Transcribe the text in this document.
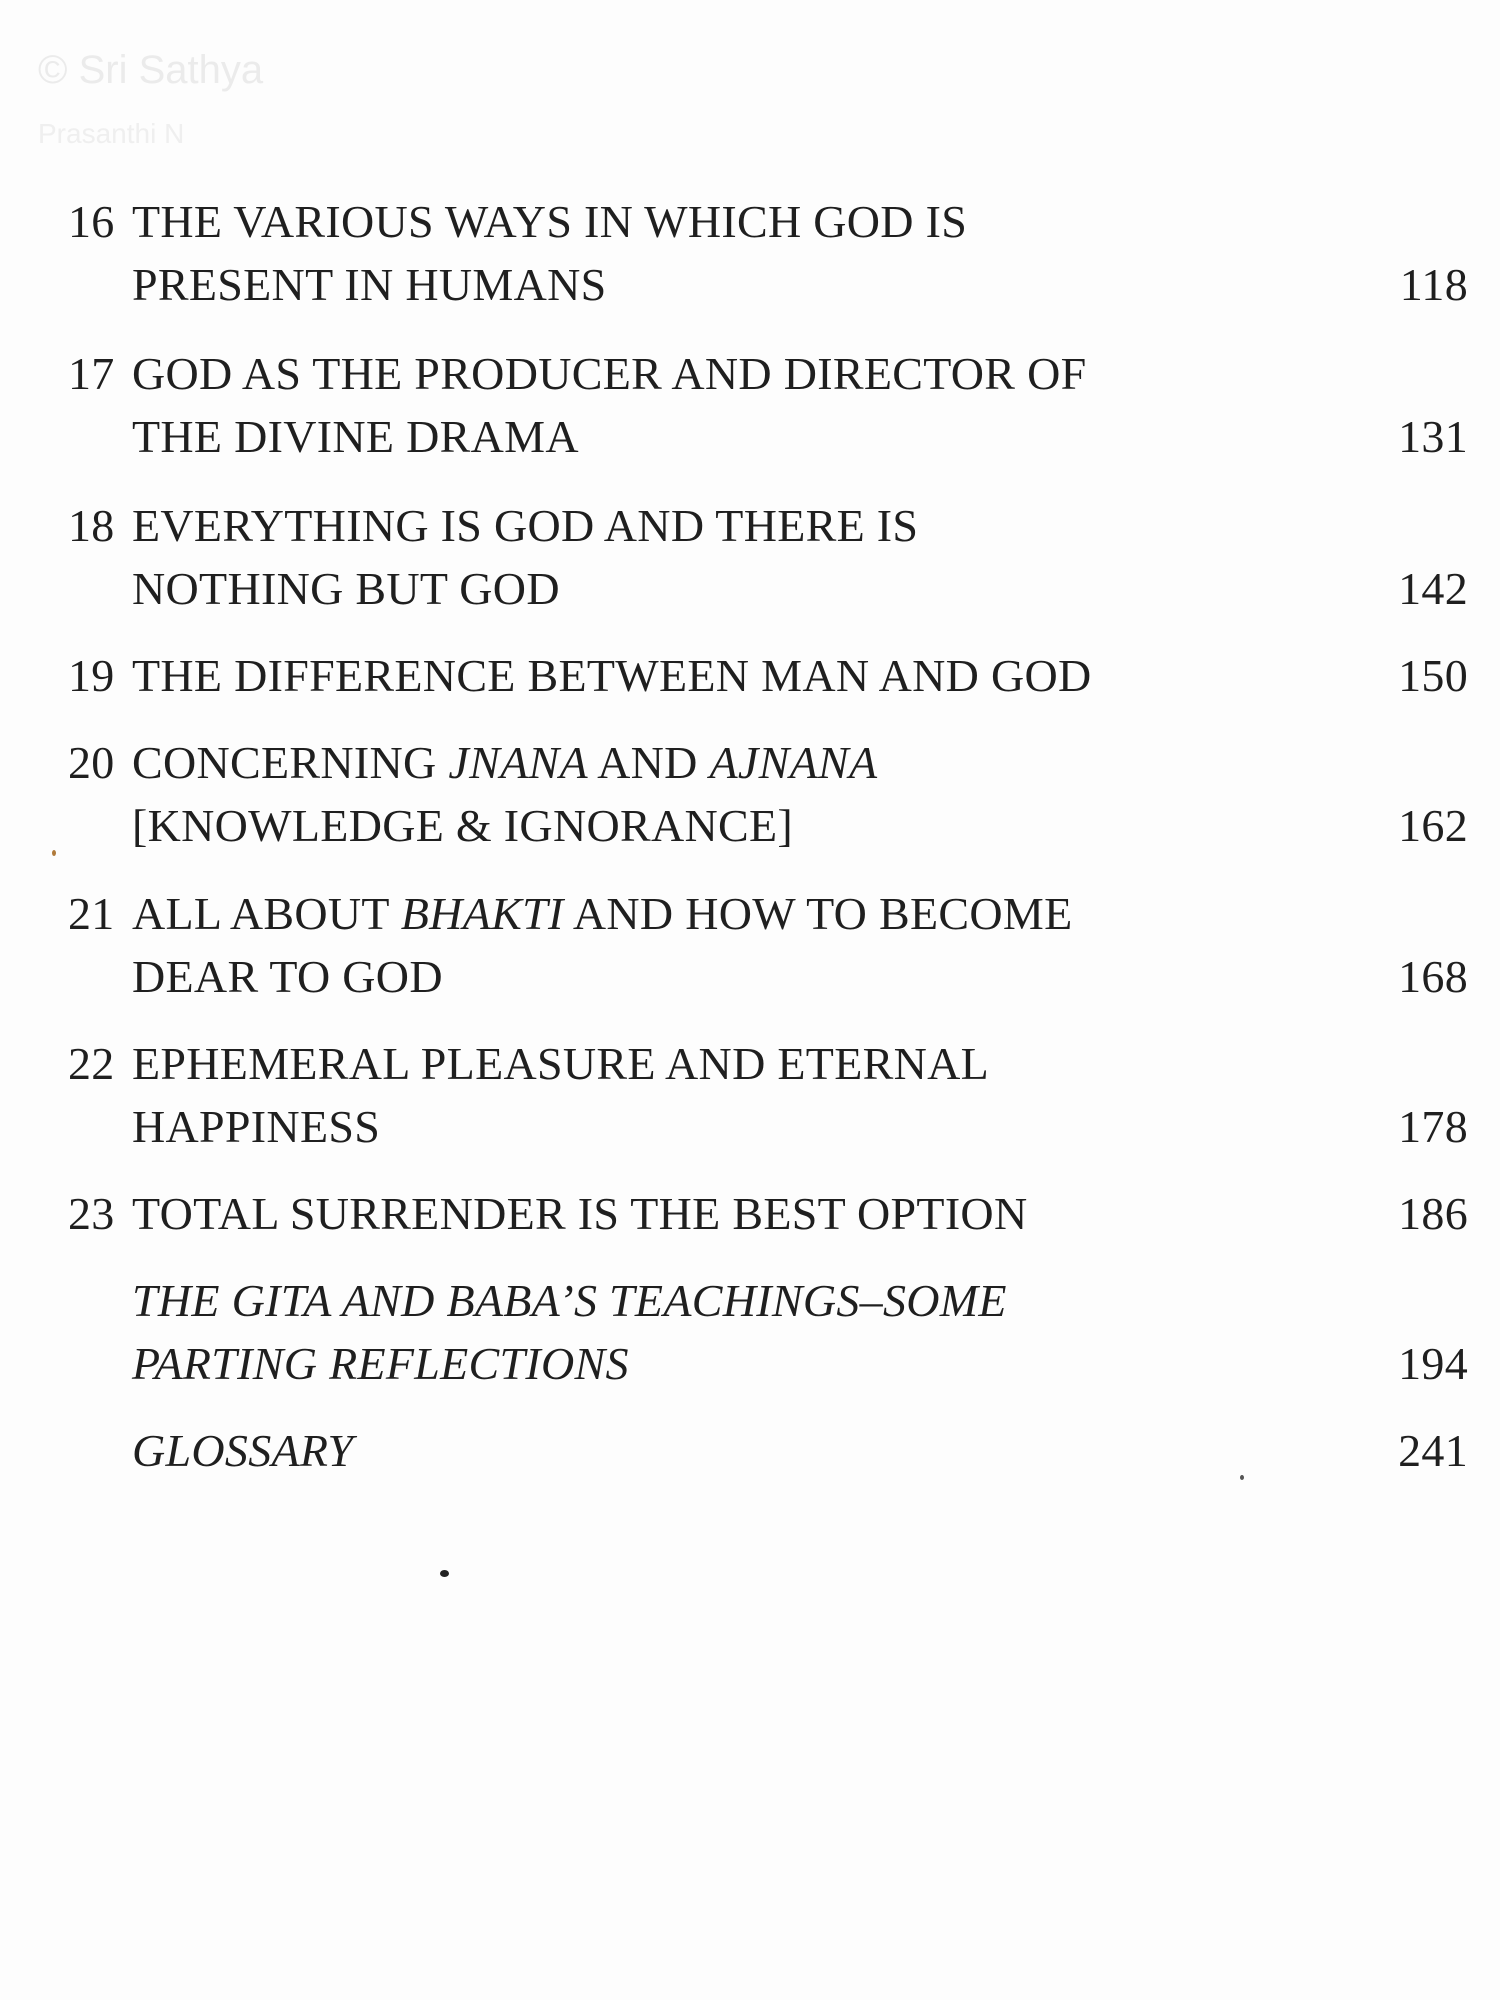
© Sri Sathya
Prasanthi N
16 THE VARIOUS WAYS IN WHICH GOD IS
PRESENT IN HUMANS	118
17 GOD AS THE PRODUCER AND DIRECTOR OF
THE DIVINE DRAMA	131
18 EVERYTHING IS GOD AND THERE IS
NOTHING BUT GOD	142
19 THE DIFFERENCE BETWEEN MAN AND GOD	150
20 CONCERNING JNANA AND AJNANA
[KNOWLEDGE & IGNORANCE]	162
21 ALL ABOUT BHAKTI AND HOW TO BECOME
DEAR TO GOD	168
22 EPHEMERAL PLEASURE AND ETERNAL
HAPPINESS	178
23 TOTAL SURRENDER IS THE BEST OPTION	186
THE GITA AND BABA’S TEACHINGS–SOME
PARTING REFLECTIONS	194
GLOSSARY	241
